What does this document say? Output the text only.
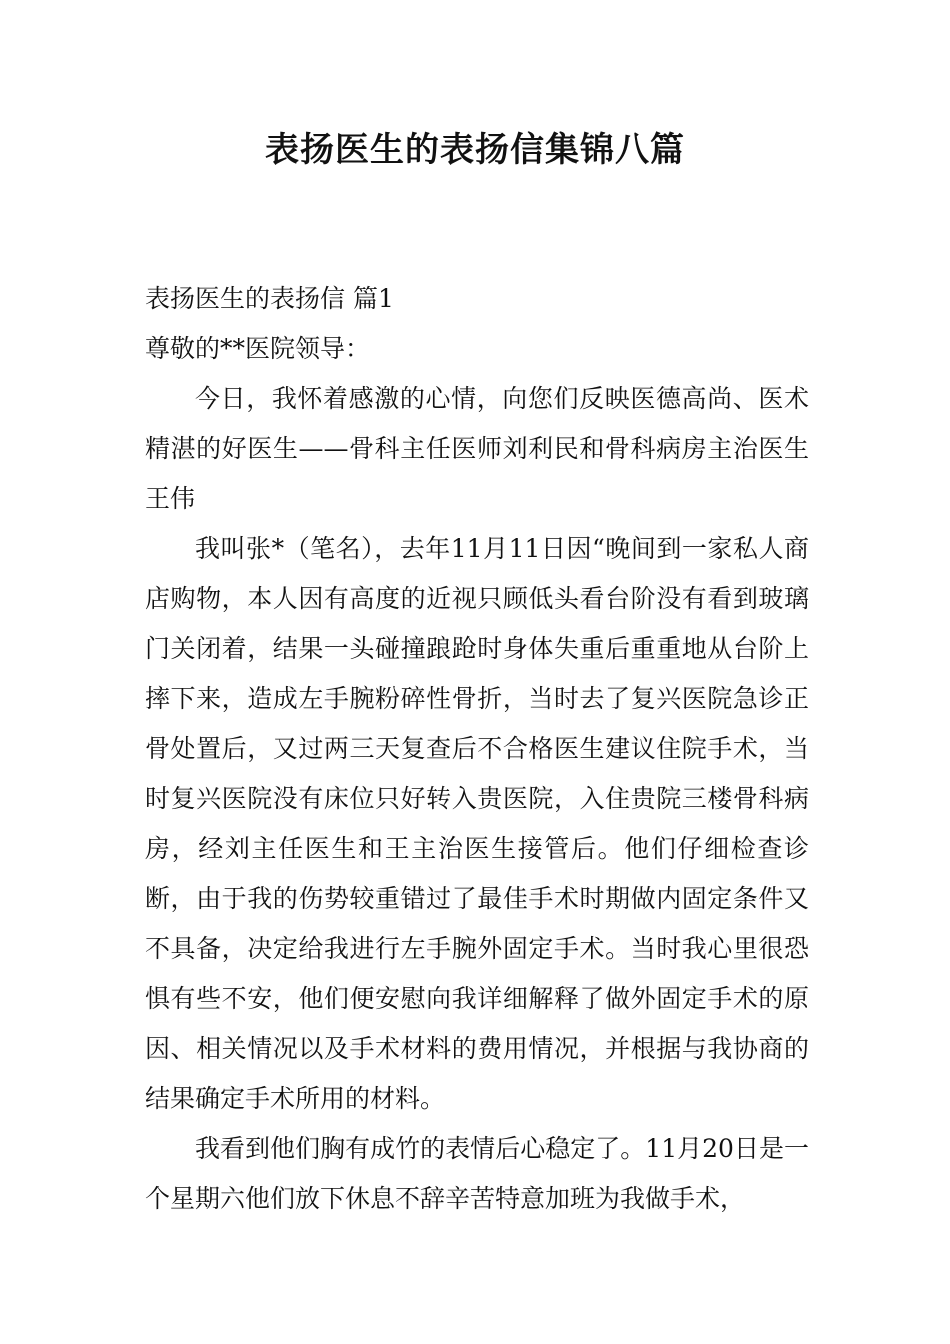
表扬医生的表扬信集锦八篇

表扬医生的表扬信 篇1

尊敬的**医院领导：

今日，我怀着感激的心情，向您们反映医德高尚、医术精湛的好医生——骨科主任医师刘利民和骨科病房主治医生王伟

我叫张*（笔名），去年11月11日因“晚间到一家私人商店购物，本人因有高度的近视只顾低头看台阶没有看到玻璃门关闭着，结果一头碰撞踉跄时身体失重后重重地从台阶上摔下来，造成左手腕粉碎性骨折，当时去了复兴医院急诊正骨处置后，又过两三天复查后不合格医生建议住院手术，当时复兴医院没有床位只好转入贵医院，入住贵院三楼骨科病房，经刘主任医生和王主治医生接管后。他们仔细检查诊断，由于我的伤势较重错过了最佳手术时期做内固定条件又不具备，决定给我进行左手腕外固定手术。当时我心里很恐惧有些不安，他们便安慰向我详细解释了做外固定手术的原因、相关情况以及手术材料的费用情况，并根据与我协商的结果确定手术所用的材料。

我看到他们胸有成竹的表情后心稳定了。11月20日是一个星期六他们放下休息不辞辛苦特意加班为我做手术，
